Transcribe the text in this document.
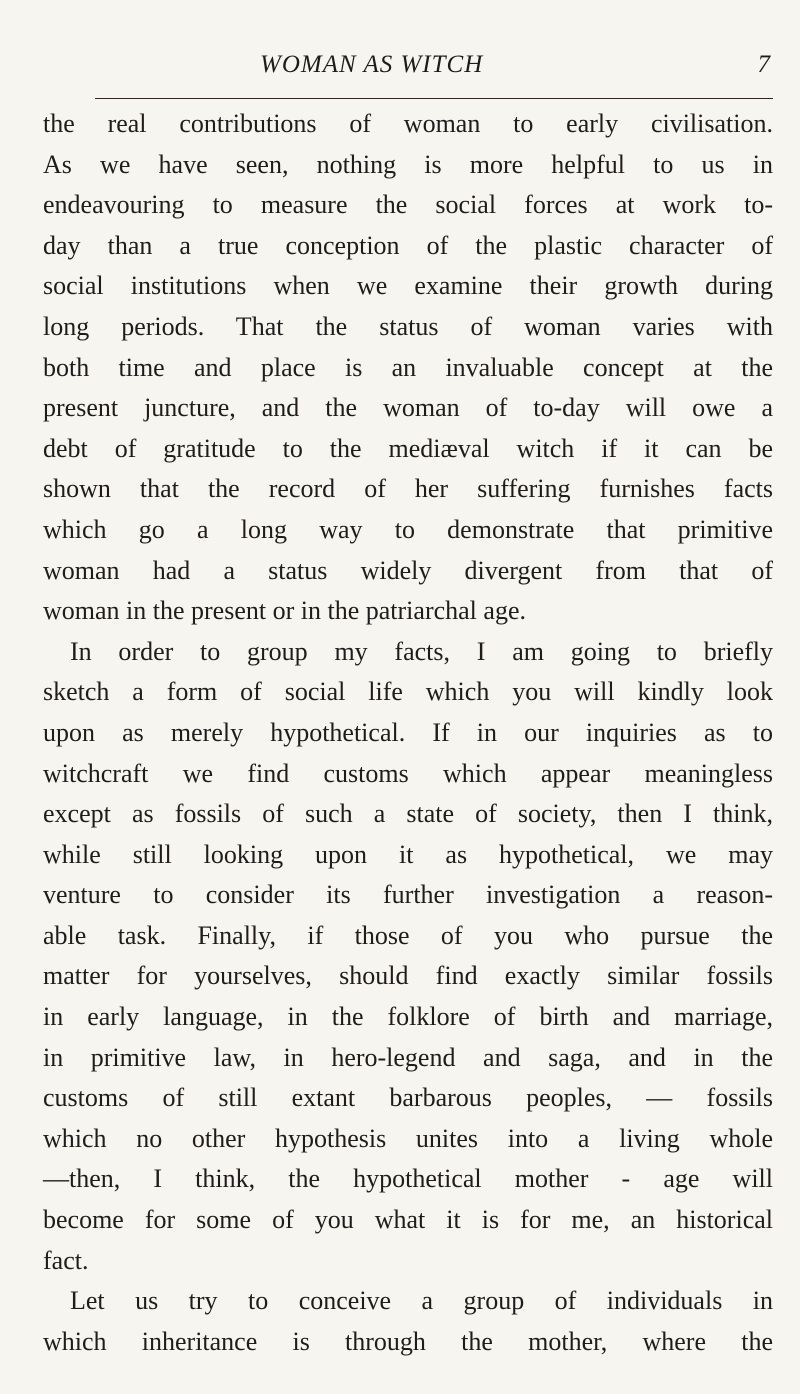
WOMAN AS WITCH	7
the real contributions of woman to early civilisation.
As we have seen, nothing is more helpful to us in
endeavouring to measure the social forces at work to-
day than a true conception of the plastic character of
social institutions when we examine their growth during
long periods. That the status of woman varies with
both time and place is an invaluable concept at the
present juncture, and the woman of to-day will owe a
debt of gratitude to the mediæval witch if it can be
shown that the record of her suffering furnishes facts
which go a long way to demonstrate that primitive
woman had a status widely divergent from that of
woman in the present or in the patriarchal age.
In order to group my facts, I am going to briefly
sketch a form of social life which you will kindly look
upon as merely hypothetical. If in our inquiries as to
witchcraft we find customs which appear meaningless
except as fossils of such a state of society, then I think,
while still looking upon it as hypothetical, we may
venture to consider its further investigation a reason-
able task. Finally, if those of you who pursue the
matter for yourselves, should find exactly similar fossils
in early language, in the folklore of birth and marriage,
in primitive law, in hero-legend and saga, and in the
customs of still extant barbarous peoples, — fossils
which no other hypothesis unites into a living whole
—then, I think, the hypothetical mother - age will
become for some of you what it is for me, an historical
fact.
Let us try to conceive a group of individuals in
which inheritance is through the mother, where the
